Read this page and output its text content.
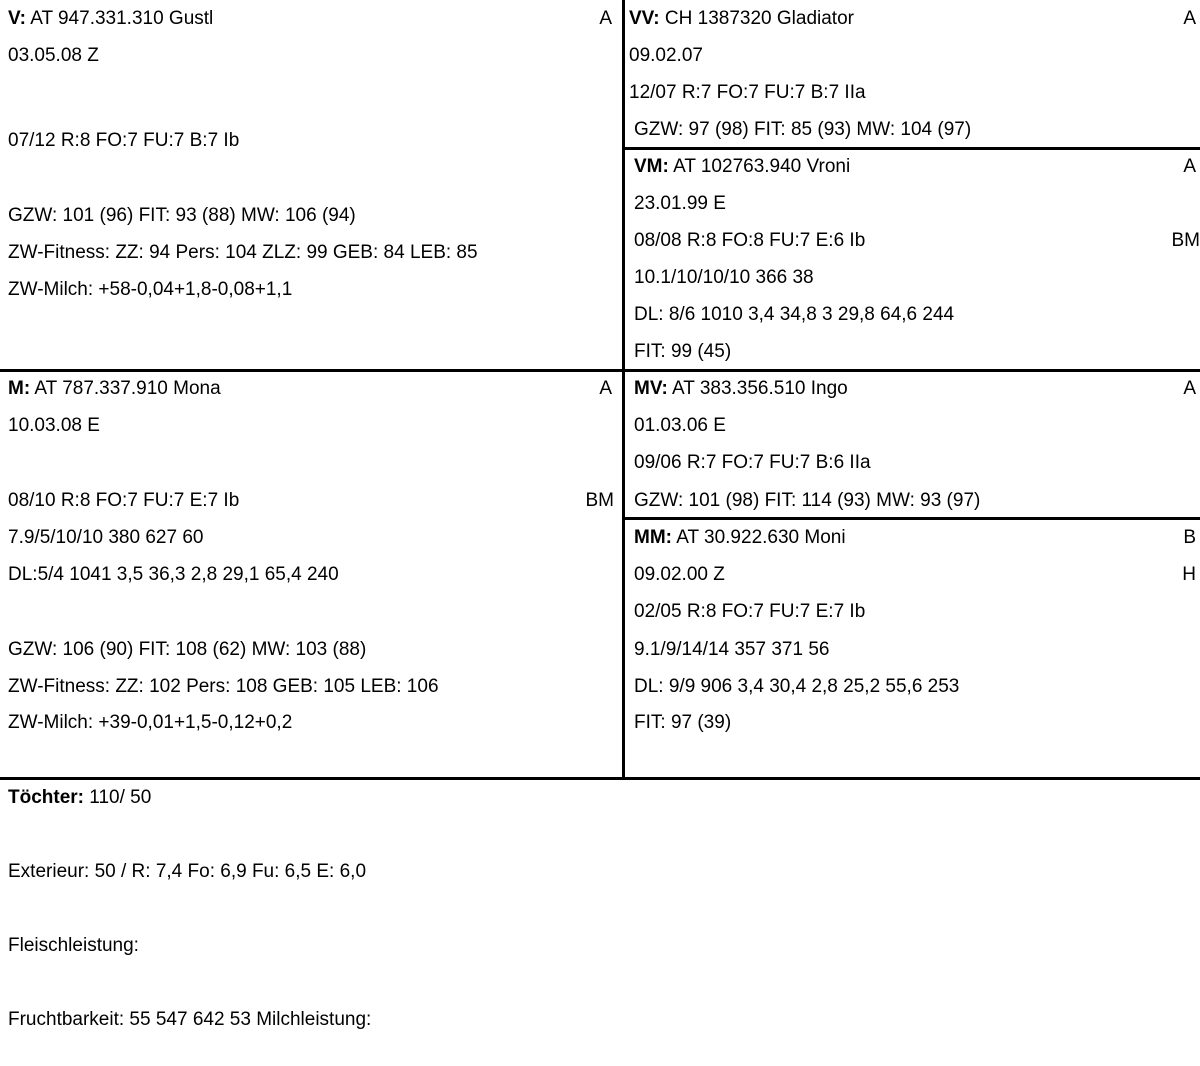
V: AT 947.331.310 Gustl	A
03.05.08 Z
07/12 R:8 FO:7 FU:7 B:7 Ib
GZW: 101 (96) FIT: 93 (88) MW: 106 (94)
ZW-Fitness: ZZ: 94 Pers: 104 ZLZ: 99 GEB: 84 LEB: 85
ZW-Milch: +58-0,04+1,8-0,08+1,1
VV: CH 1387320 Gladiator	A
09.02.07
12/07 R:7 FO:7 FU:7 B:7 IIa
GZW: 97 (98) FIT: 85 (93) MW: 104 (97)
VM: AT 102763.940 Vroni	A
23.01.99 E
08/08 R:8 FO:8 FU:7 E:6 Ib	BM
10.1/10/10/10 366 38
DL: 8/6 1010 3,4 34,8 3 29,8 64,6 244
FIT: 99 (45)
M: AT 787.337.910 Mona	A
10.03.08 E
08/10 R:8 FO:7 FU:7 E:7 Ib	BM
7.9/5/10/10 380 627 60
DL:5/4 1041 3,5 36,3 2,8 29,1 65,4 240
GZW: 106 (90) FIT: 108 (62) MW: 103 (88)
ZW-Fitness: ZZ: 102 Pers: 108 GEB: 105 LEB: 106
ZW-Milch: +39-0,01+1,5-0,12+0,2
MV: AT 383.356.510 Ingo	A
01.03.06 E
09/06 R:7 FO:7 FU:7 B:6 IIa
GZW: 101 (98) FIT: 114 (93) MW: 93 (97)
MM: AT 30.922.630 Moni	B
09.02.00 Z	H
02/05 R:8 FO:7 FU:7 E:7 Ib
9.1/9/14/14 357 371 56
DL: 9/9 906 3,4 30,4 2,8 25,2 55,6 253
FIT: 97 (39)
Töchter: 110/ 50
Exterieur: 50 / R: 7,4 Fo: 6,9 Fu: 6,5 E: 6,0
Fleischleistung:
Fruchtbarkeit: 55 547 642 53 Milchleistung:
